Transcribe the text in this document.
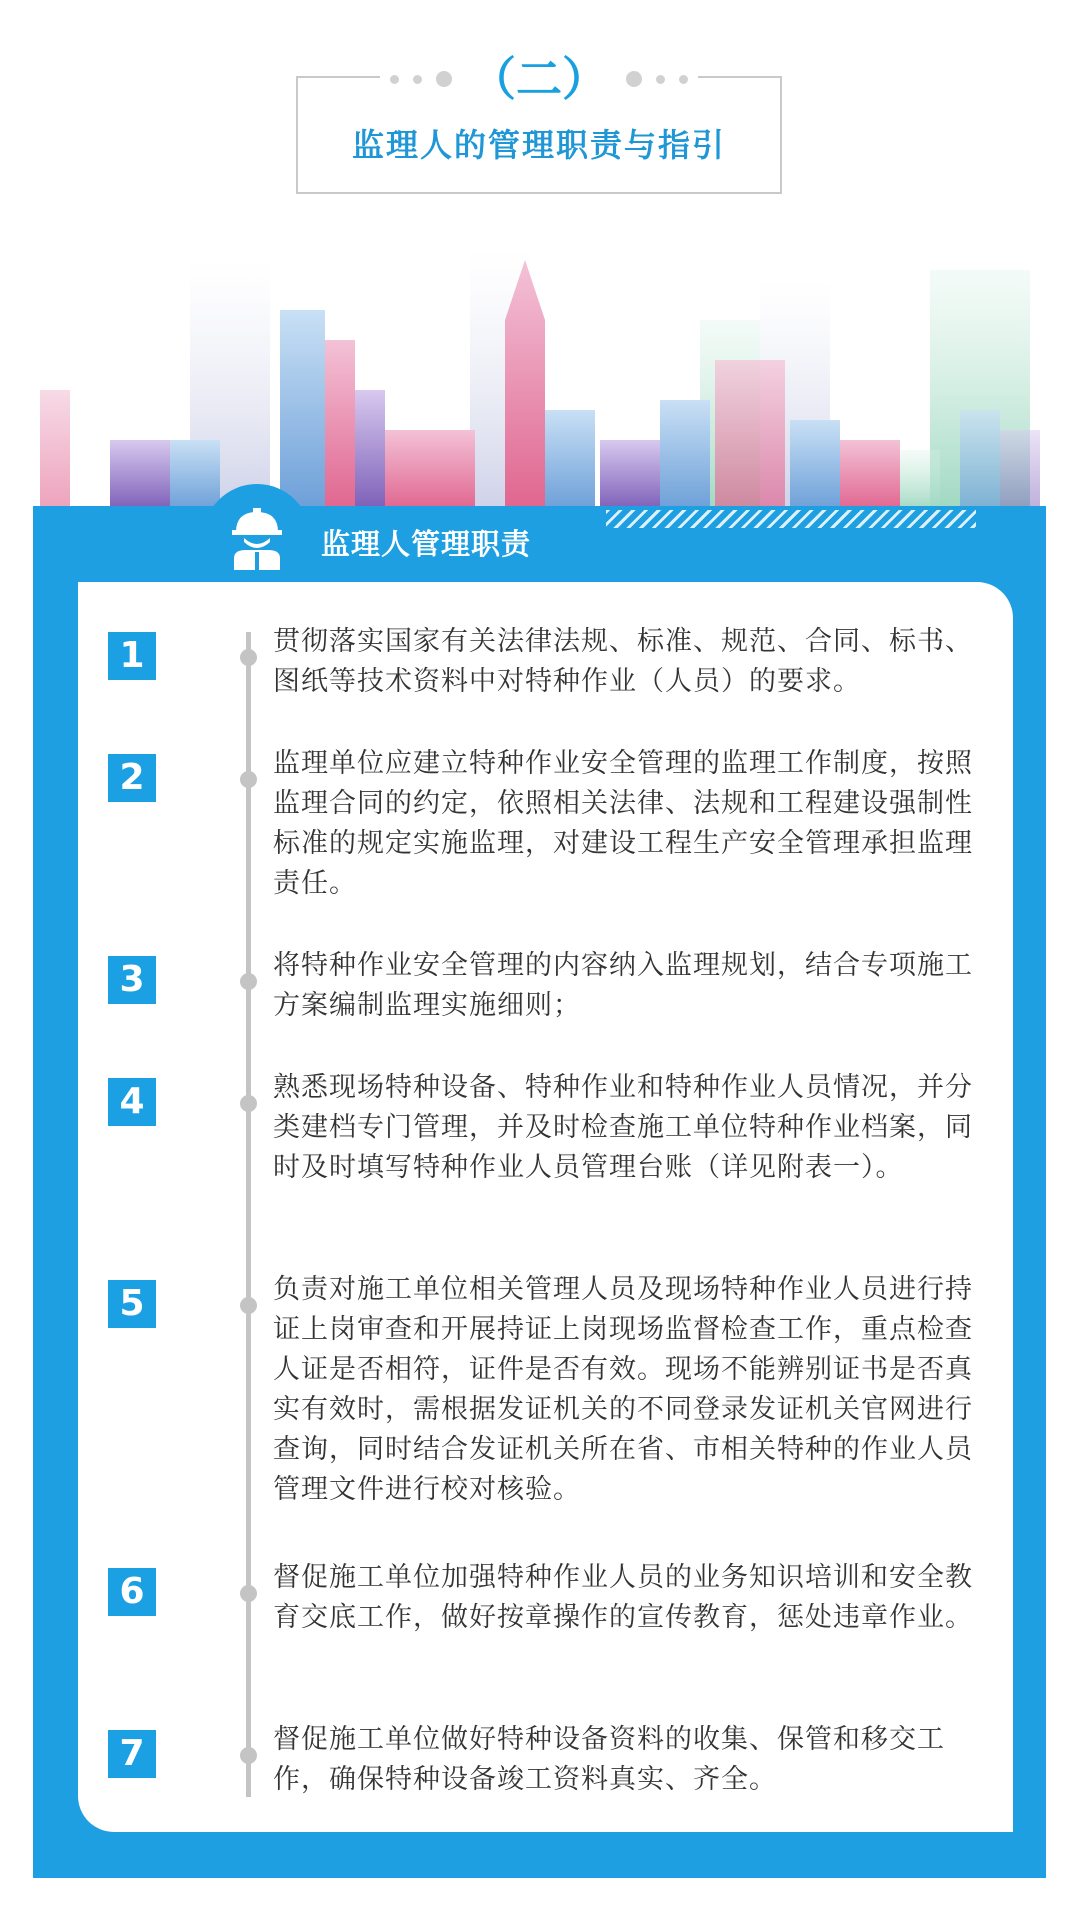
（二）
监理人的管理职责与指引
监理人管理职责
1	贯彻落实国家有关法律法规、标准、规范、合同、标书、图纸等技术资料中对特种作业（人员）的要求。
2	监理单位应建立特种作业安全管理的监理工作制度，按照监理合同的约定，依照相关法律、法规和工程建设强制性标准的规定实施监理，对建设工程生产安全管理承担监理责任。
3	将特种作业安全管理的内容纳入监理规划，结合专项施工方案编制监理实施细则；
4	熟悉现场特种设备、特种作业和特种作业人员情况，并分类建档专门管理，并及时检查施工单位特种作业档案，同时及时填写特种作业人员管理台账（详见附表一）。
5	负责对施工单位相关管理人员及现场特种作业人员进行持证上岗审查和开展持证上岗现场监督检查工作，重点检查人证是否相符，证件是否有效。现场不能辨别证书是否真实有效时，需根据发证机关的不同登录发证机关官网进行查询，同时结合发证机关所在省、市相关特种的作业人员管理文件进行校对核验。
6	督促施工单位加强特种作业人员的业务知识培训和安全教育交底工作，做好按章操作的宣传教育，惩处违章作业。
7	督促施工单位做好特种设备资料的收集、保管和移交工作，确保特种设备竣工资料真实、齐全。
